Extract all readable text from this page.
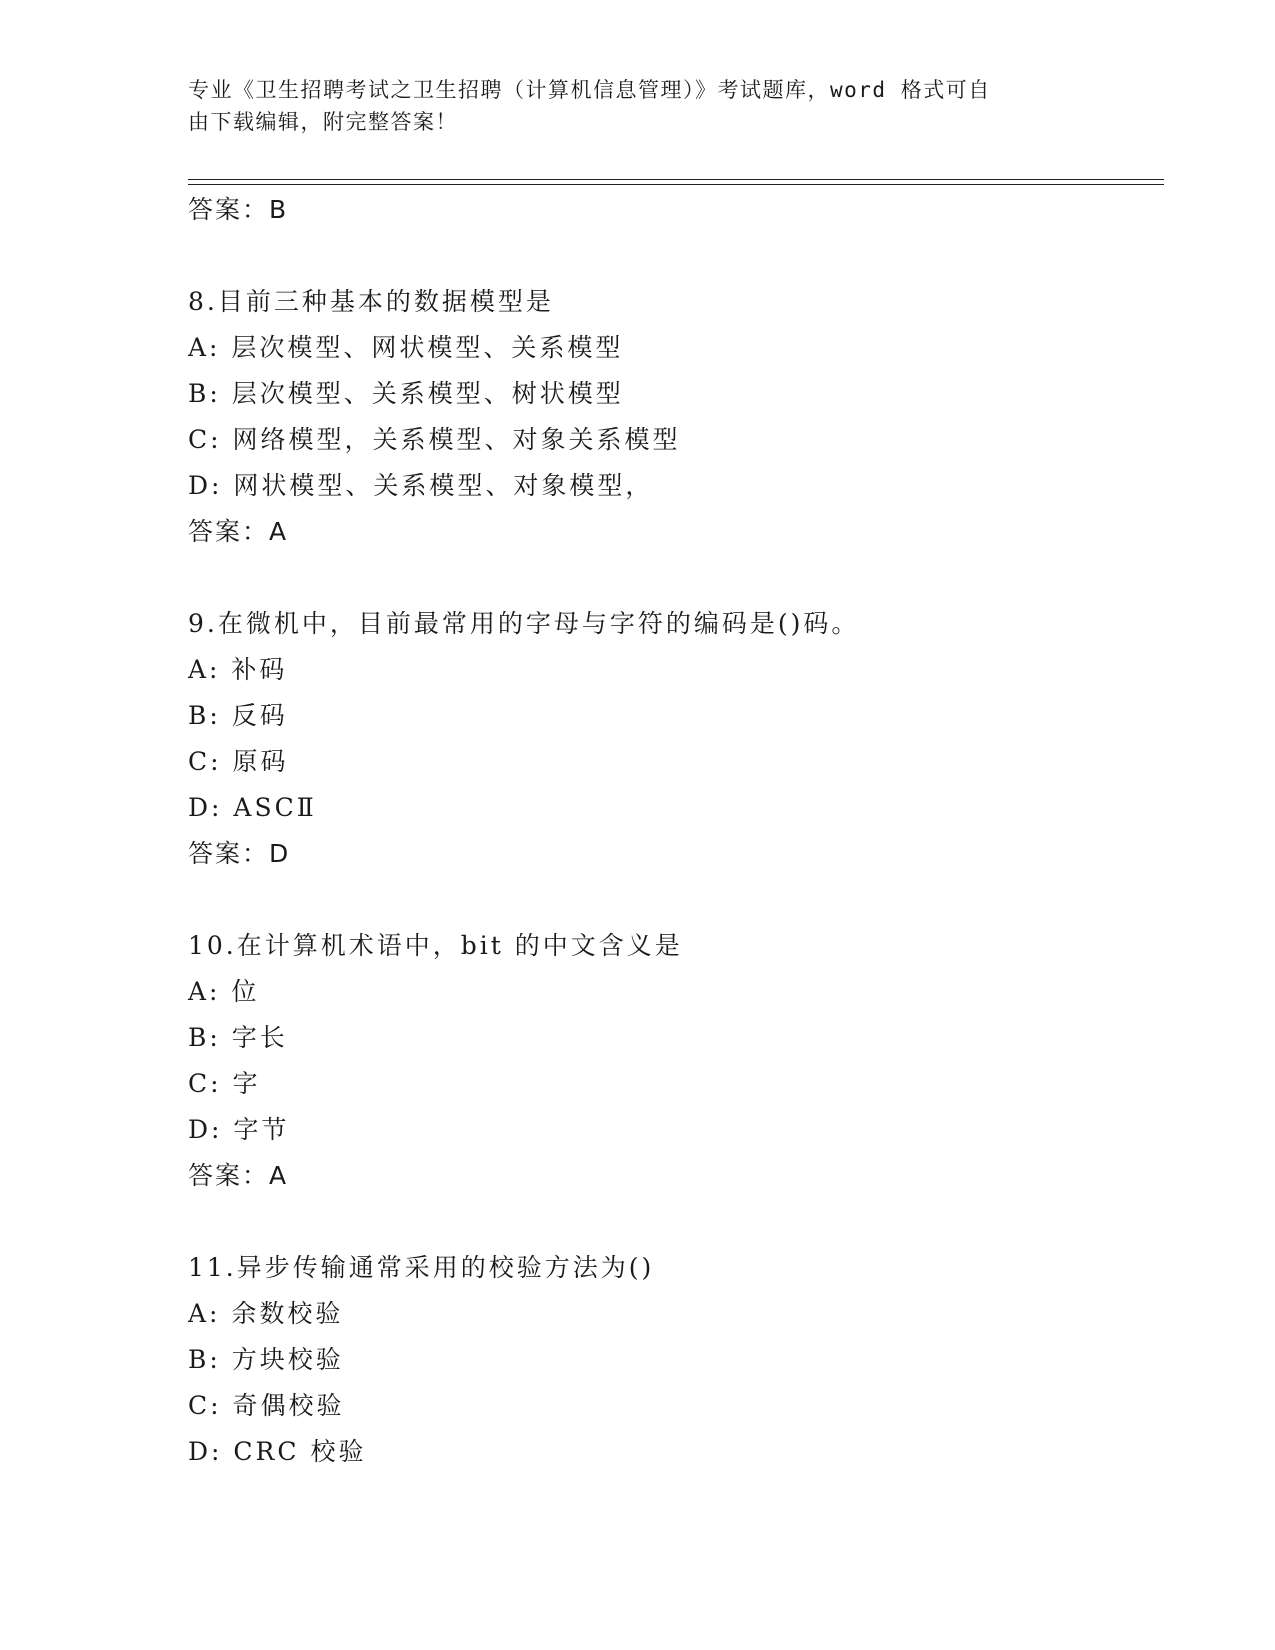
专业《卫生招聘考试之卫生招聘（计算机信息管理）》考试题库，word 格式可自
由下载编辑，附完整答案！
答案：B
8.目前三种基本的数据模型是
A: 层次模型、网状模型、关系模型
B: 层次模型、关系模型、树状模型
C: 网络模型，关系模型、对象关系模型
D: 网状模型、关系模型、对象模型，
答案：A
9.在微机中，目前最常用的字母与字符的编码是()码。
A: 补码
B: 反码
C: 原码
D: ASCⅡ
答案：D
10.在计算机术语中，bit 的中文含义是
A: 位
B: 字长
C: 字
D: 字节
答案：A
11.异步传输通常采用的校验方法为()
A: 余数校验
B: 方块校验
C: 奇偶校验
D: CRC 校验
